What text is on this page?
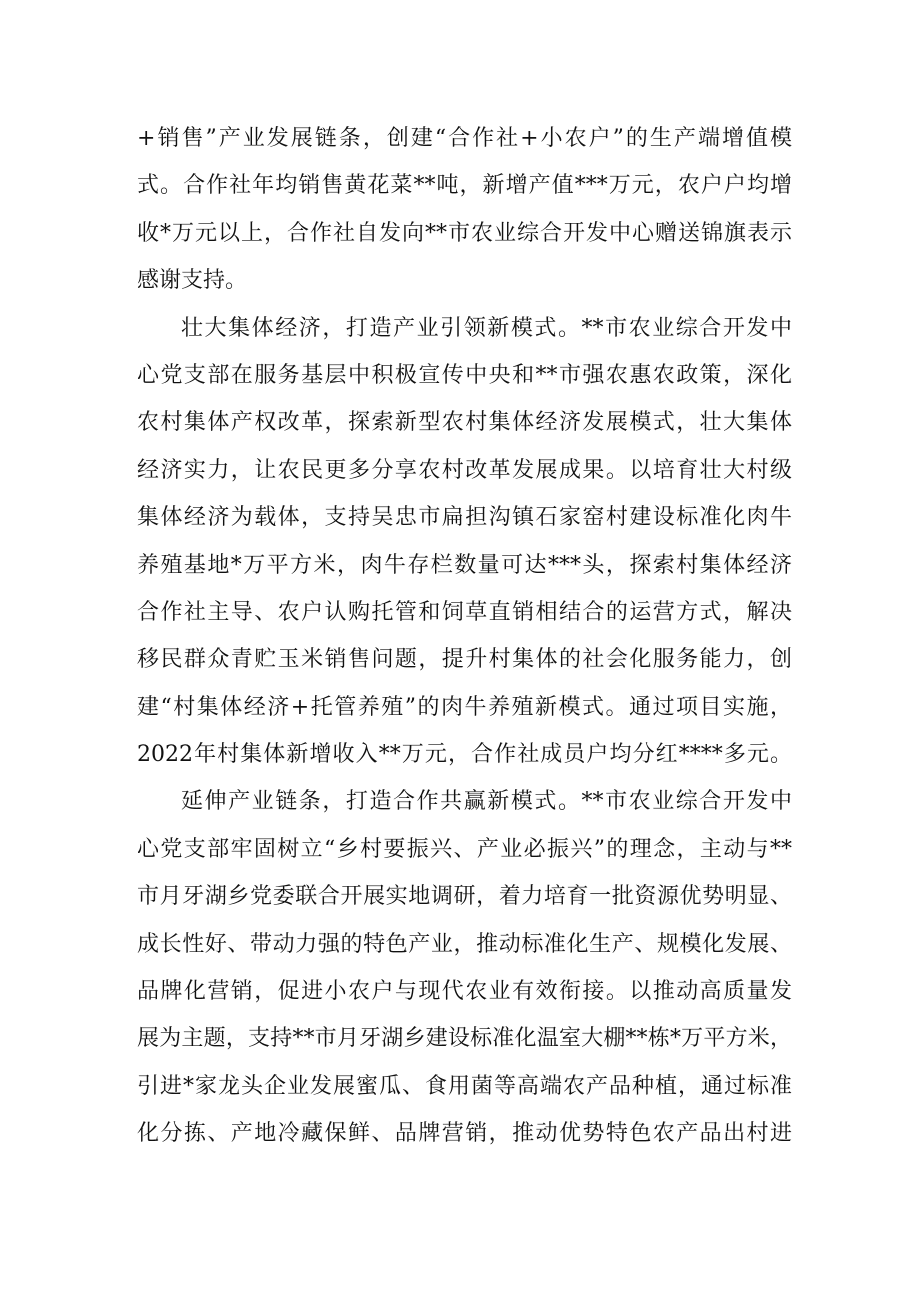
+销售”产业发展链条，创建“合作社+小农户”的生产端增值模
式。合作社年均销售黄花菜**吨，新增产值***万元，农户户均增
收*万元以上，合作社自发向**市农业综合开发中心赠送锦旗表示
感谢支持。
壮大集体经济，打造产业引领新模式。**市农业综合开发中
心党支部在服务基层中积极宣传中央和**市强农惠农政策，深化
农村集体产权改革，探索新型农村集体经济发展模式，壮大集体
经济实力，让农民更多分享农村改革发展成果。以培育壮大村级
集体经济为载体，支持吴忠市扁担沟镇石家窑村建设标准化肉牛
养殖基地*万平方米，肉牛存栏数量可达***头，探索村集体经济
合作社主导、农户认购托管和饲草直销相结合的运营方式，解决
移民群众青贮玉米销售问题，提升村集体的社会化服务能力，创
建“村集体经济+托管养殖”的肉牛养殖新模式。通过项目实施，
2022年村集体新增收入**万元，合作社成员户均分红****多元。
延伸产业链条，打造合作共赢新模式。**市农业综合开发中
心党支部牢固树立“乡村要振兴、产业必振兴”的理念，主动与**
市月牙湖乡党委联合开展实地调研，着力培育一批资源优势明显、
成长性好、带动力强的特色产业，推动标准化生产、规模化发展、
品牌化营销，促进小农户与现代农业有效衔接。以推动高质量发
展为主题，支持**市月牙湖乡建设标准化温室大棚**栋*万平方米，
引进*家龙头企业发展蜜瓜、食用菌等高端农产品种植，通过标准
化分拣、产地冷藏保鲜、品牌营销，推动优势特色农产品出村进
